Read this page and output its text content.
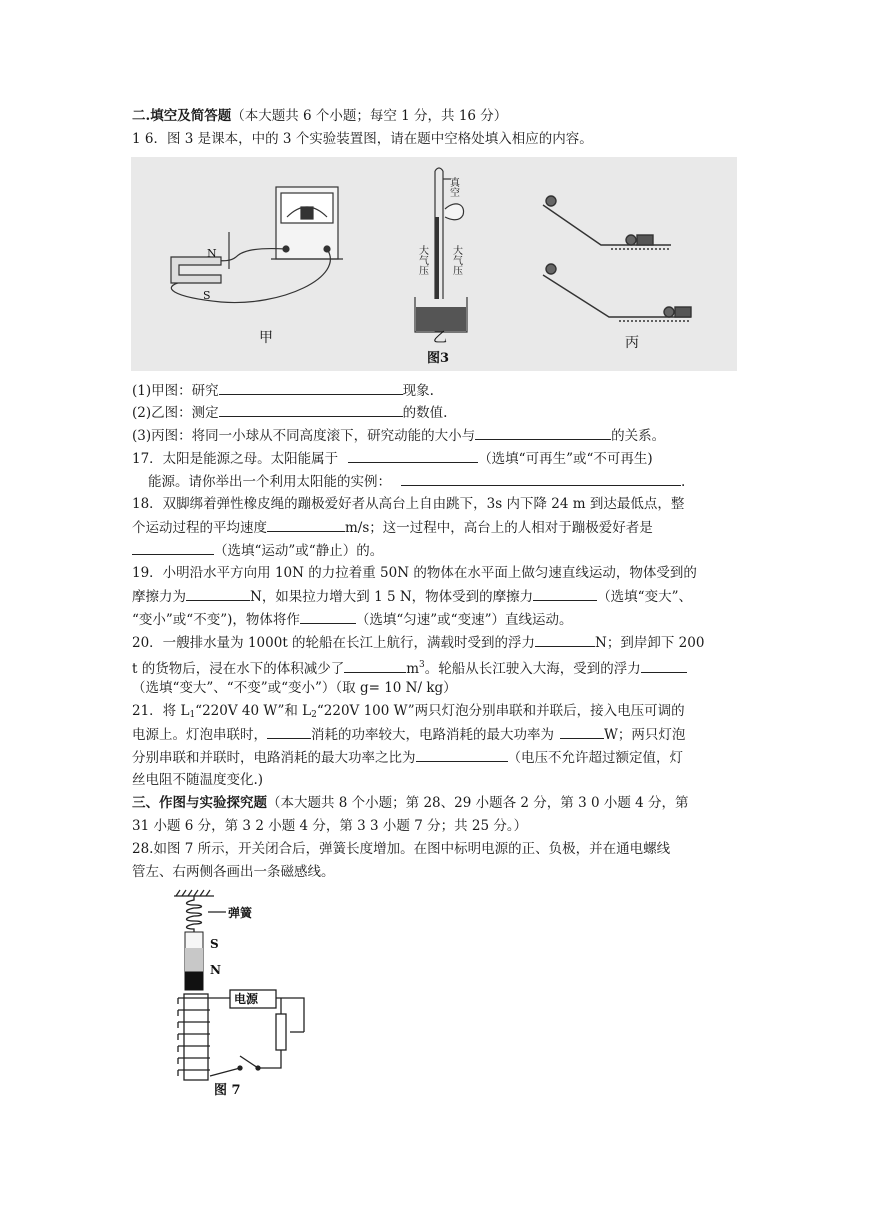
二.填空及简答题（本大题共 6 个小题；每空 1 分，共 16 分）
1 6．图 3 是课本，中的 3 个实验装置图，请在题中空格处填入相应的内容。
N
S
甲
真空
大气压 大气压
乙
图3
丙
(1)甲图：研究	现象.
(2)乙图：测定	的数值.
(3)丙图：将同一小球从不同高度滚下，研究动能的大小与	的关系。
17．太阳是能源之母。太阳能属于	（选填“可再生”或“不可再生)
能源。请你举出一个利用太阳能的实例：	.
18．双脚绑着弹性橡皮绳的蹦极爱好者从高台上自由跳下，3s 内下降 24 m 到达最低点，整
个运动过程的平均速度	m/s；这一过程中，高台上的人相对于蹦极爱好者是
（选填“运动”或“静止）的。
19．小明沿水平方向用 10N 的力拉着重 50N 的物体在水平面上做匀速直线运动，物体受到的
摩擦力为	N，如果拉力增大到 1 5 N，物体受到的摩擦力	（选填“变大”、
“变小”或“不变”)，物体将作	（选填“匀速”或“变速”）直线运动。
20．一艘排水量为 1000t 的轮船在长江上航行，满载时受到的浮力	N；到岸卸下 200
t 的货物后，浸在水下的体积减少了	$m^3$。轮船从长江驶入大海，受到的浮力
（选填“变大”、“不变”或“变小”）（取 g= 10 N/ kg）
21．将 $L_1“220V$ 40 W”和 $L_2“220V$ 100 W”两只灯泡分别串联和并联后，接入电压可调的
电源上。灯泡串联时，	消耗的功率较大，电路消耗的最大功率为	W；两只灯泡
分别串联和并联时，电路消耗的最大功率之比为	（电压不允许超过额定值，灯
丝电阻不随温度变化.)
三、作图与实验探究题（本大题共 8 个小题；第 28、29 小题各 2 分，第 3 0 小题 4 分，第
31 小题 6 分，第 3 2 小题 4 分，第 3 3 小题 7 分；共 25 分。）
28.如图 7 所示，开关闭合后，弹簧长度增加。在图中标明电源的正、负极，并在通电螺线
管左、右两侧各画出一条磁感线。
弹簧
S
N
电源
图 7
